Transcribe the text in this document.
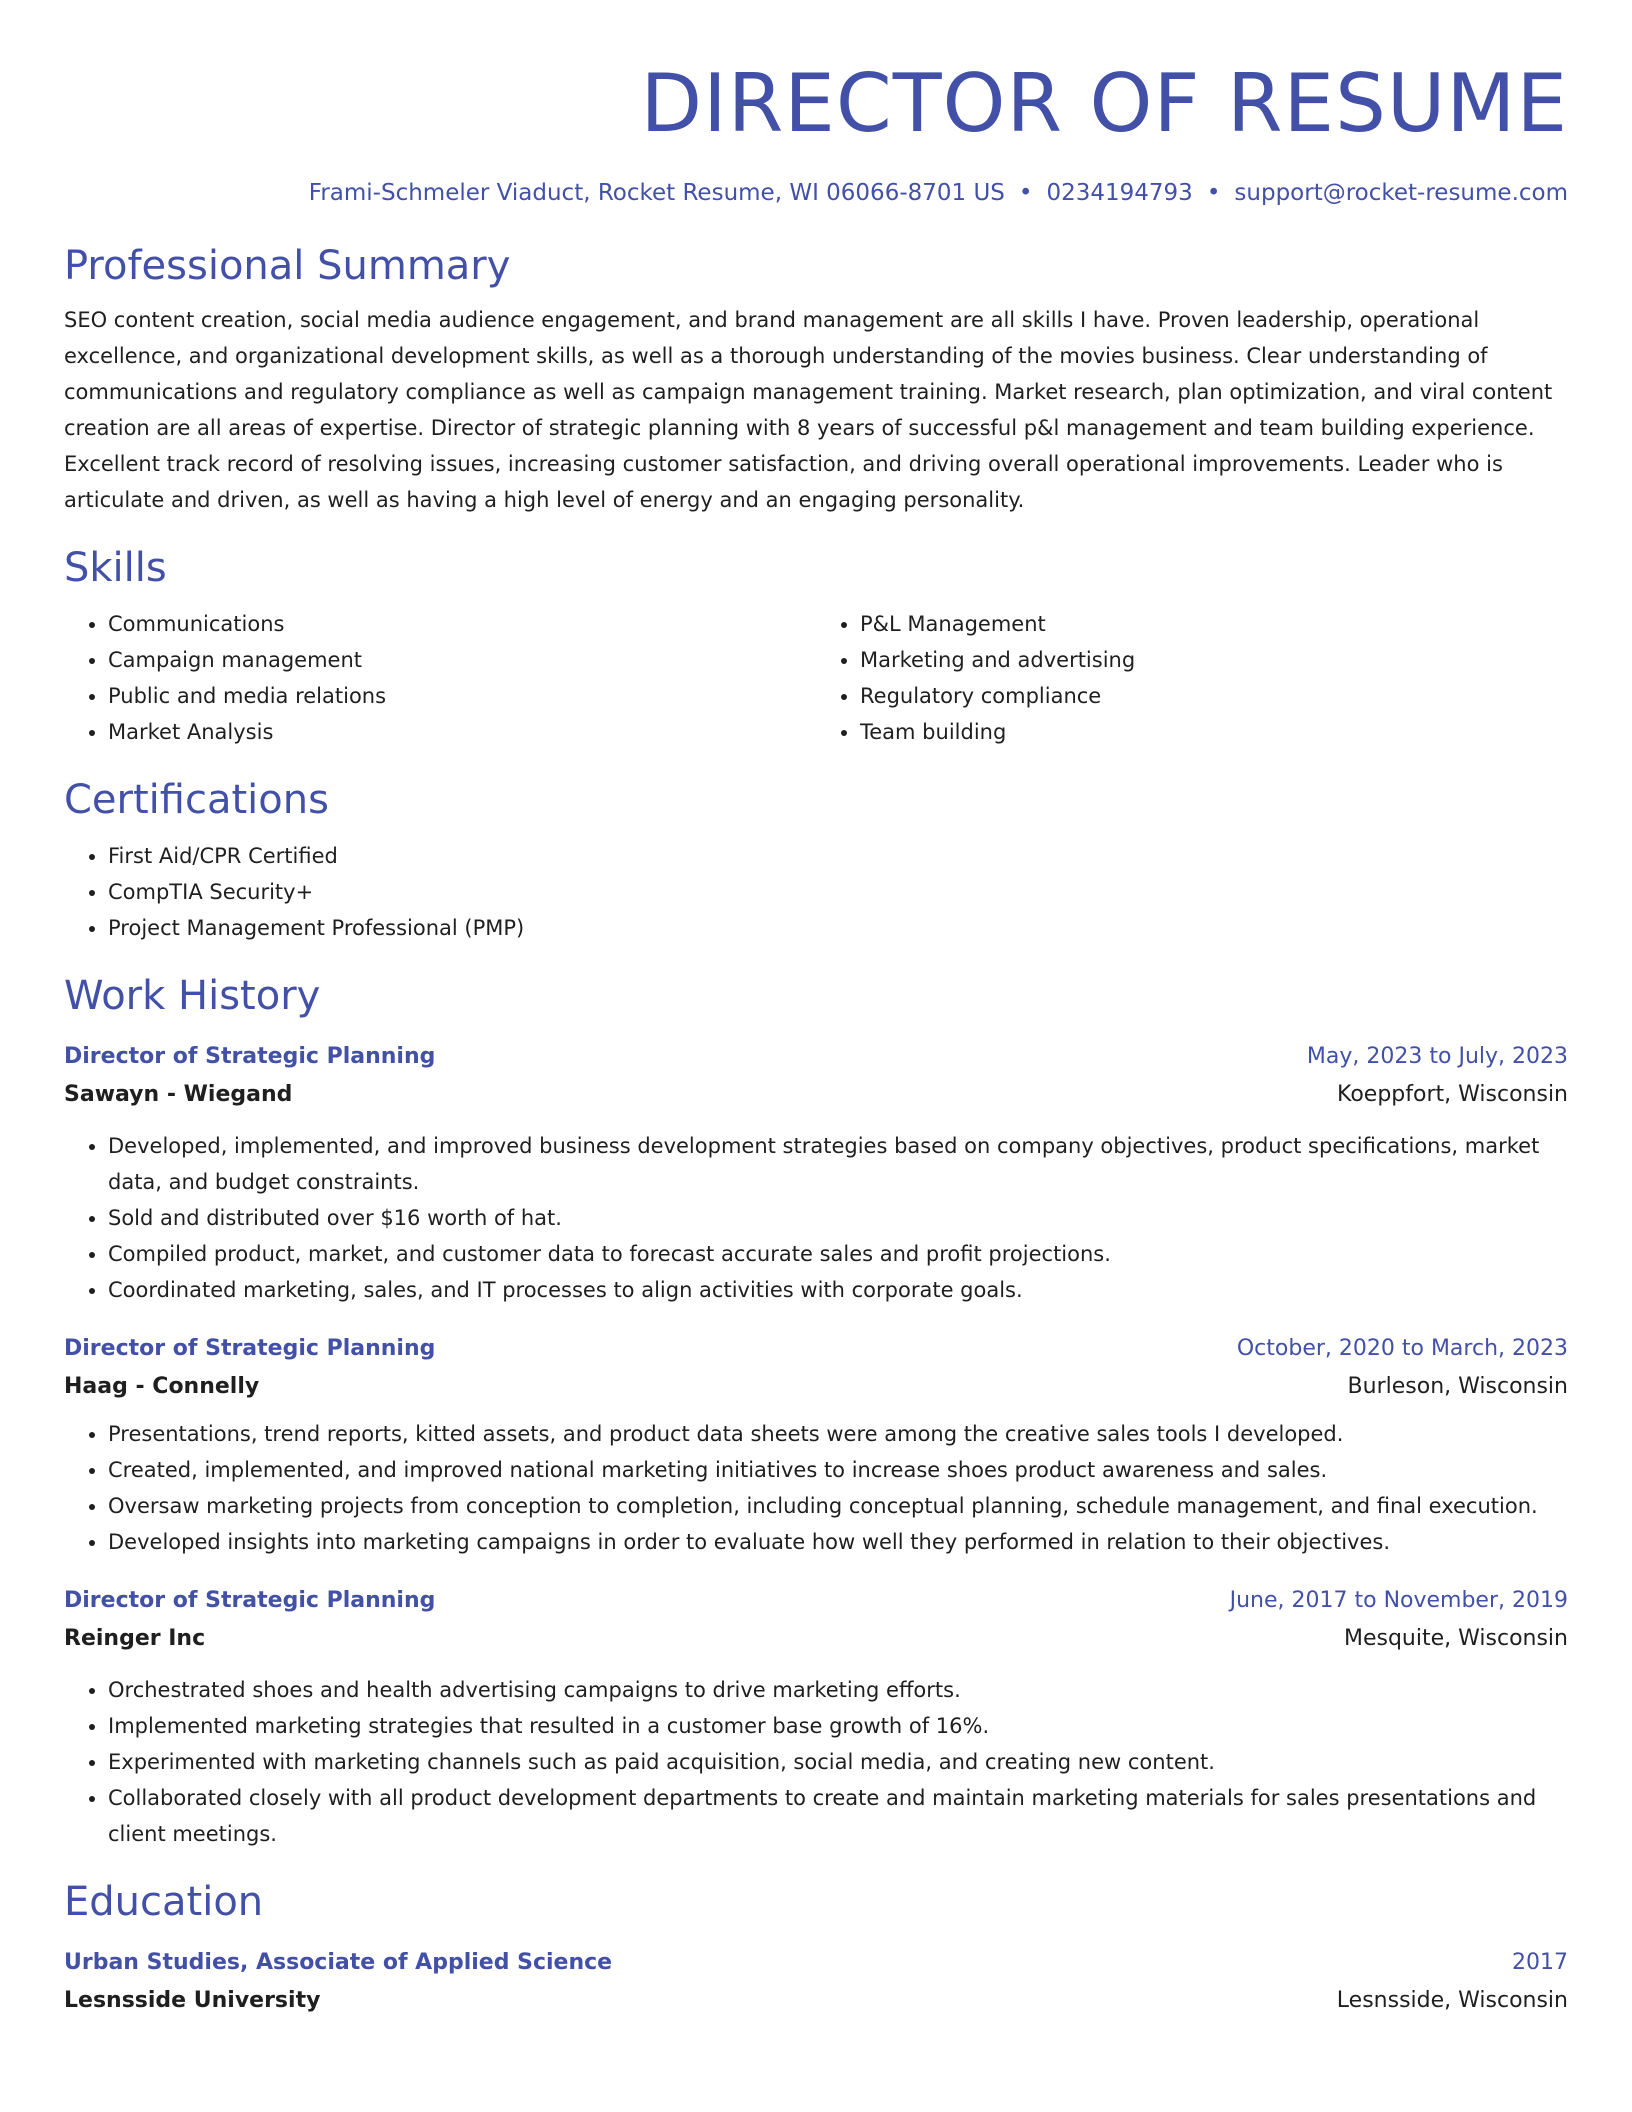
DIRECTOR OF RESUME
Frami-Schmeler Viaduct, Rocket Resume, WI 06066-8701 US • 0234194793 • support@rocket-resume.com
Professional Summary

SEO content creation, social media audience engagement, and brand management are all skills I have. Proven leadership, operational excellence, and organizational development skills, as well as a thorough understanding of the movies business. Clear understanding of communications and regulatory compliance as well as campaign management training. Market research, plan optimization, and viral content creation are all areas of expertise. Director of strategic planning with 8 years of successful p&l management and team building experience. Excellent track record of resolving issues, increasing customer satisfaction, and driving overall operational improvements. Leader who is articulate and driven, as well as having a high level of energy and an engaging personality.

Skills
• Communications
• Campaign management
• Public and media relations
• Market Analysis
• P&L Management
• Marketing and advertising
• Regulatory compliance
• Team building
Certifications
• First Aid/CPR Certified
• CompTIA Security+
• Project Management Professional (PMP)
Work History
Director of Strategic Planning	May, 2023 to July, 2023
Sawayn - Wiegand	Koeppfort, Wisconsin
• Developed, implemented, and improved business development strategies based on company objectives, product specifications, market data, and budget constraints.
• Sold and distributed over $16 worth of hat.
• Compiled product, market, and customer data to forecast accurate sales and profit projections.
• Coordinated marketing, sales, and IT processes to align activities with corporate goals.
Director of Strategic Planning	October, 2020 to March, 2023
Haag - Connelly	Burleson, Wisconsin
• Presentations, trend reports, kitted assets, and product data sheets were among the creative sales tools I developed.
• Created, implemented, and improved national marketing initiatives to increase shoes product awareness and sales.
• Oversaw marketing projects from conception to completion, including conceptual planning, schedule management, and final execution.
• Developed insights into marketing campaigns in order to evaluate how well they performed in relation to their objectives.
Director of Strategic Planning	June, 2017 to November, 2019
Reinger Inc	Mesquite, Wisconsin
• Orchestrated shoes and health advertising campaigns to drive marketing efforts.
• Implemented marketing strategies that resulted in a customer base growth of 16%.
• Experimented with marketing channels such as paid acquisition, social media, and creating new content.
• Collaborated closely with all product development departments to create and maintain marketing materials for sales presentations and client meetings.
Education
Urban Studies, Associate of Applied Science	2017
Lesnsside University	Lesnsside, Wisconsin
